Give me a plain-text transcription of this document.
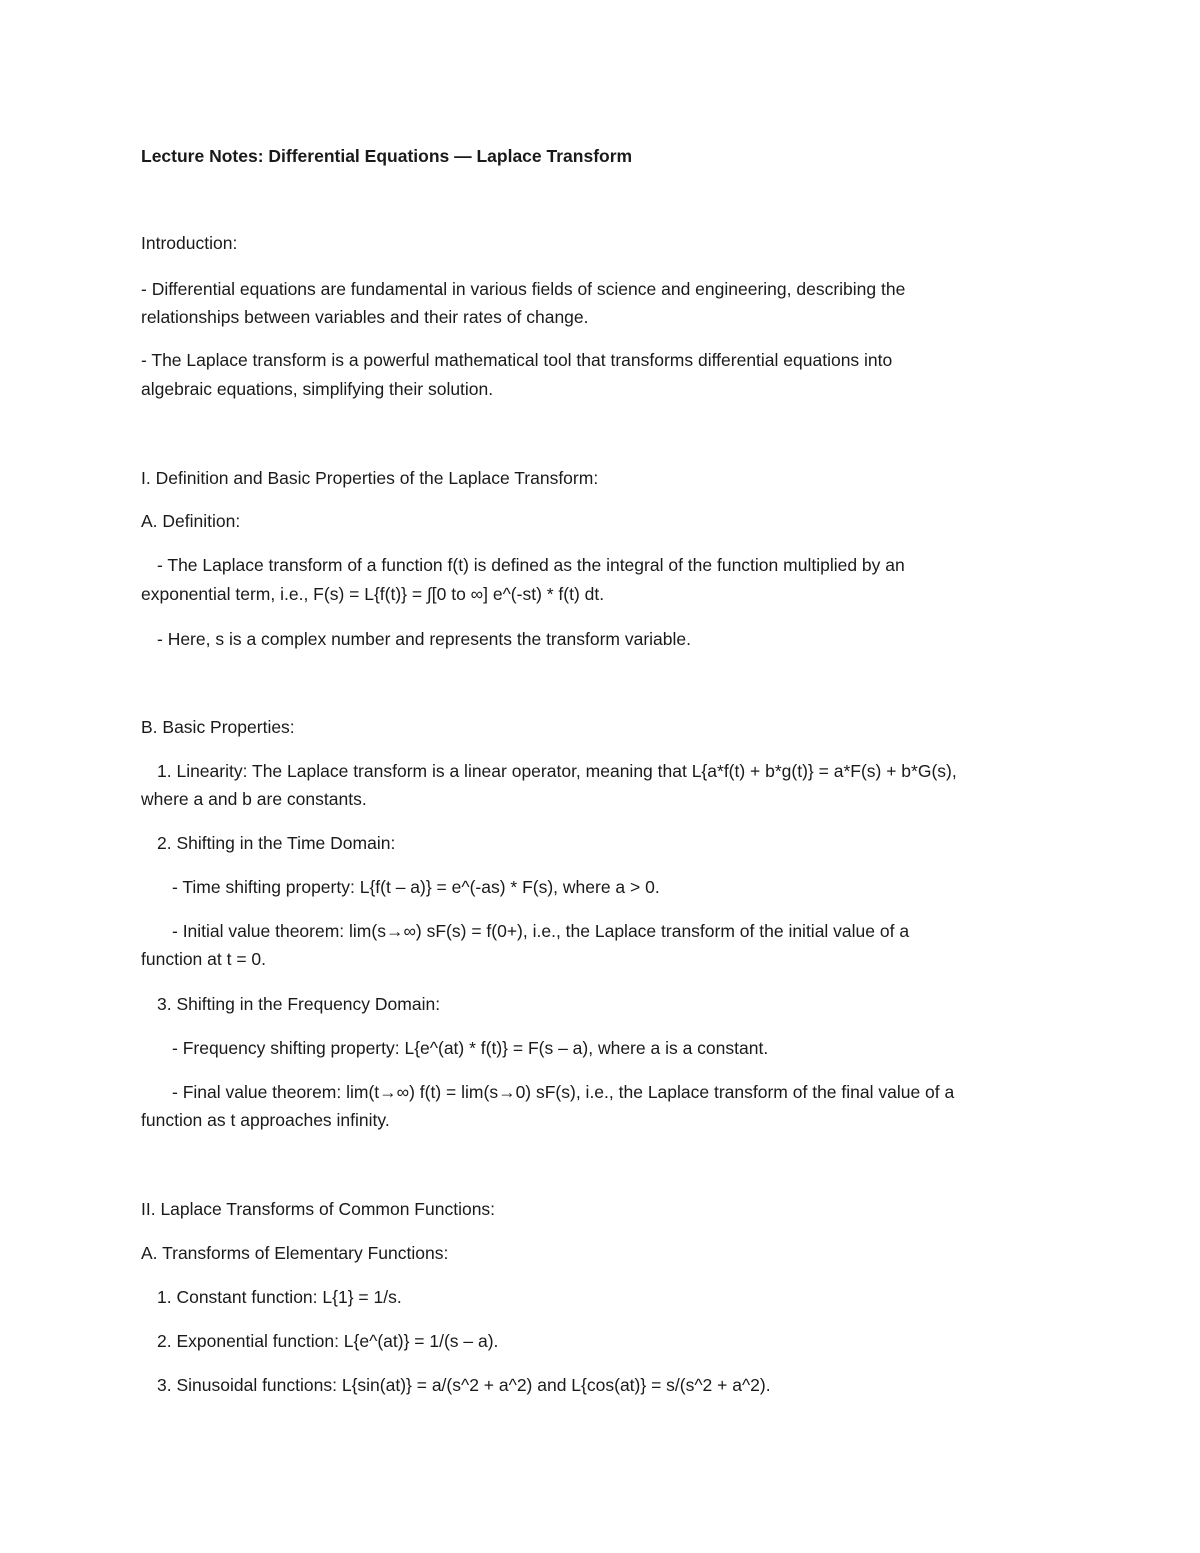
Lecture Notes: Differential Equations — Laplace Transform
Introduction:
- Differential equations are fundamental in various fields of science and engineering, describing the
relationships between variables and their rates of change.
- The Laplace transform is a powerful mathematical tool that transforms differential equations into
algebraic equations, simplifying their solution.
I. Definition and Basic Properties of the Laplace Transform:
A. Definition:
- The Laplace transform of a function f(t) is defined as the integral of the function multiplied by an
exponential term, i.e., F(s) = L{f(t)} = ∫[0 to ∞] e^(-st) * f(t) dt.
- Here, s is a complex number and represents the transform variable.
B. Basic Properties:
1. Linearity: The Laplace transform is a linear operator, meaning that L{a*f(t) + b*g(t)} = a*F(s) + b*G(s),
where a and b are constants.
2. Shifting in the Time Domain:
- Time shifting property: L{f(t – a)} = e^(-as) * F(s), where a > 0.
- Initial value theorem: lim(s→∞) sF(s) = f(0+), i.e., the Laplace transform of the initial value of a
function at t = 0.
3. Shifting in the Frequency Domain:
- Frequency shifting property: L{e^(at) * f(t)} = F(s – a), where a is a constant.
- Final value theorem: lim(t→∞) f(t) = lim(s→0) sF(s), i.e., the Laplace transform of the final value of a
function as t approaches infinity.
II. Laplace Transforms of Common Functions:
A. Transforms of Elementary Functions:
1. Constant function: L{1} = 1/s.
2. Exponential function: L{e^(at)} = 1/(s – a).
3. Sinusoidal functions: L{sin(at)} = a/(s^2 + a^2) and L{cos(at)} = s/(s^2 + a^2).
